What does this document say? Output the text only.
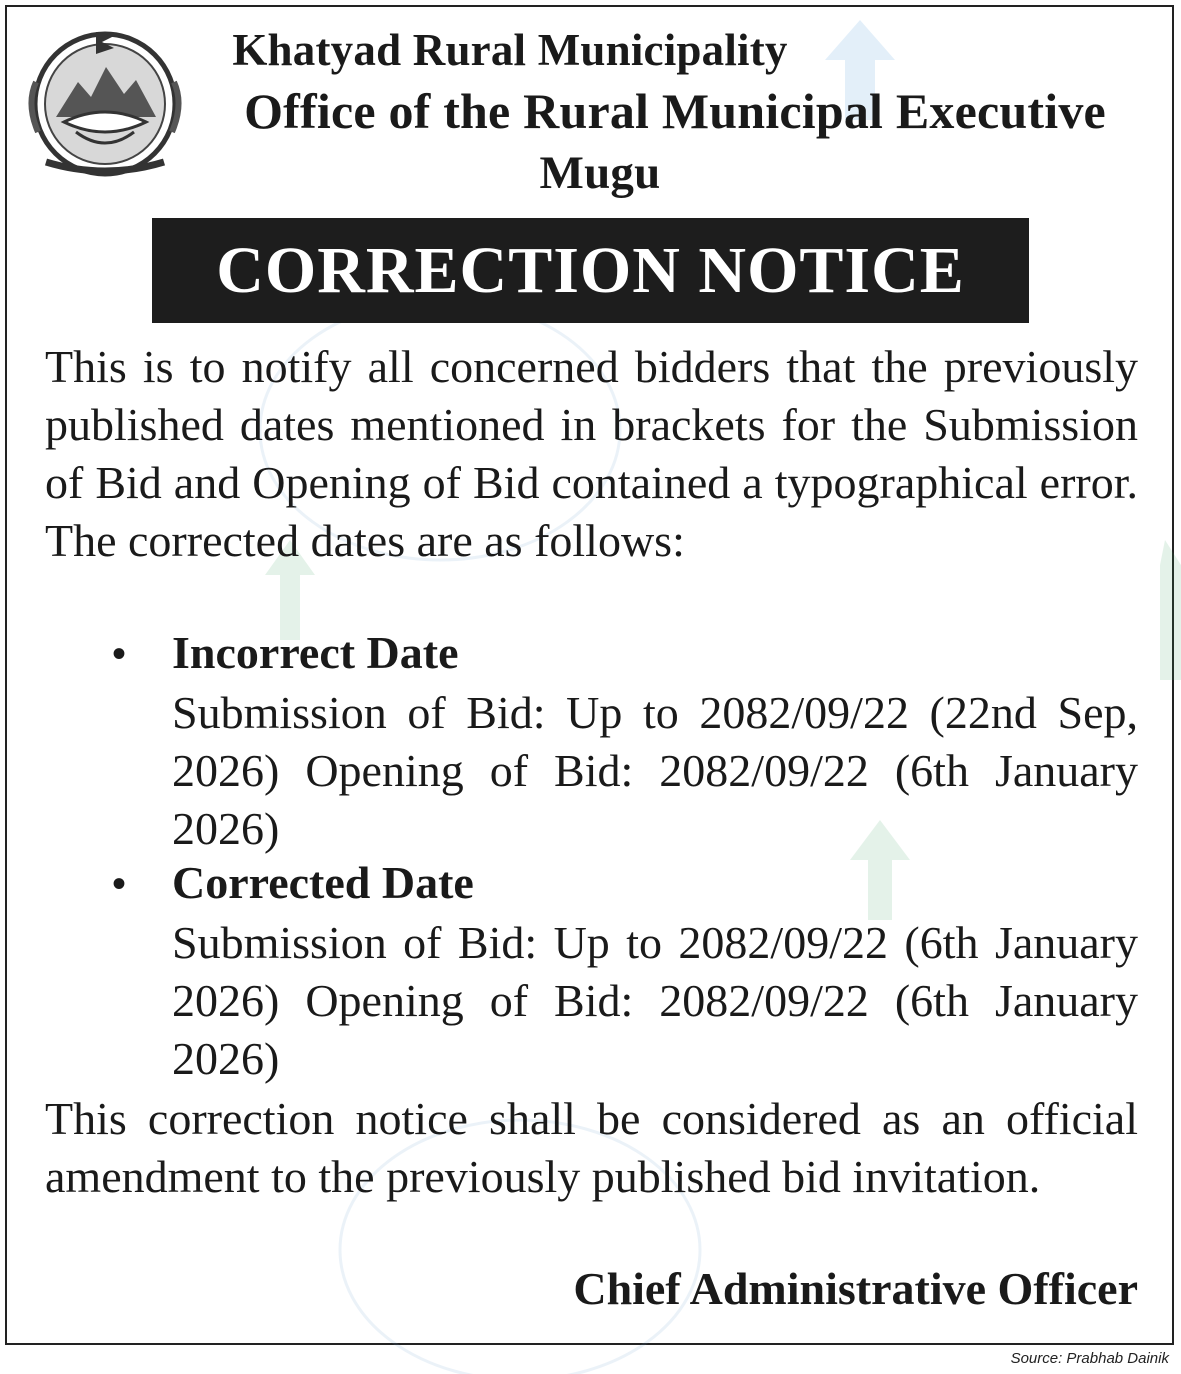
Khatyad Rural Municipality
Office of the Rural Municipal Executive
Mugu
CORRECTION NOTICE
This is to notify all concerned bidders that the previously published dates mentioned in brackets for the Submission of Bid and Opening of Bid contained a typographical error. The corrected dates are as follows:
• Incorrect Date
Submission of Bid: Up to 2082/09/22 (22nd Sep, 2026) Opening of Bid: 2082/09/22 (6th January 2026)
• Corrected Date
Submission of Bid: Up to 2082/09/22 (6th January 2026) Opening of Bid: 2082/09/22 (6th January 2026)
This correction notice shall be considered as an official amendment to the previously published bid invitation.
Chief Administrative Officer
Source: Prabhab Dainik
